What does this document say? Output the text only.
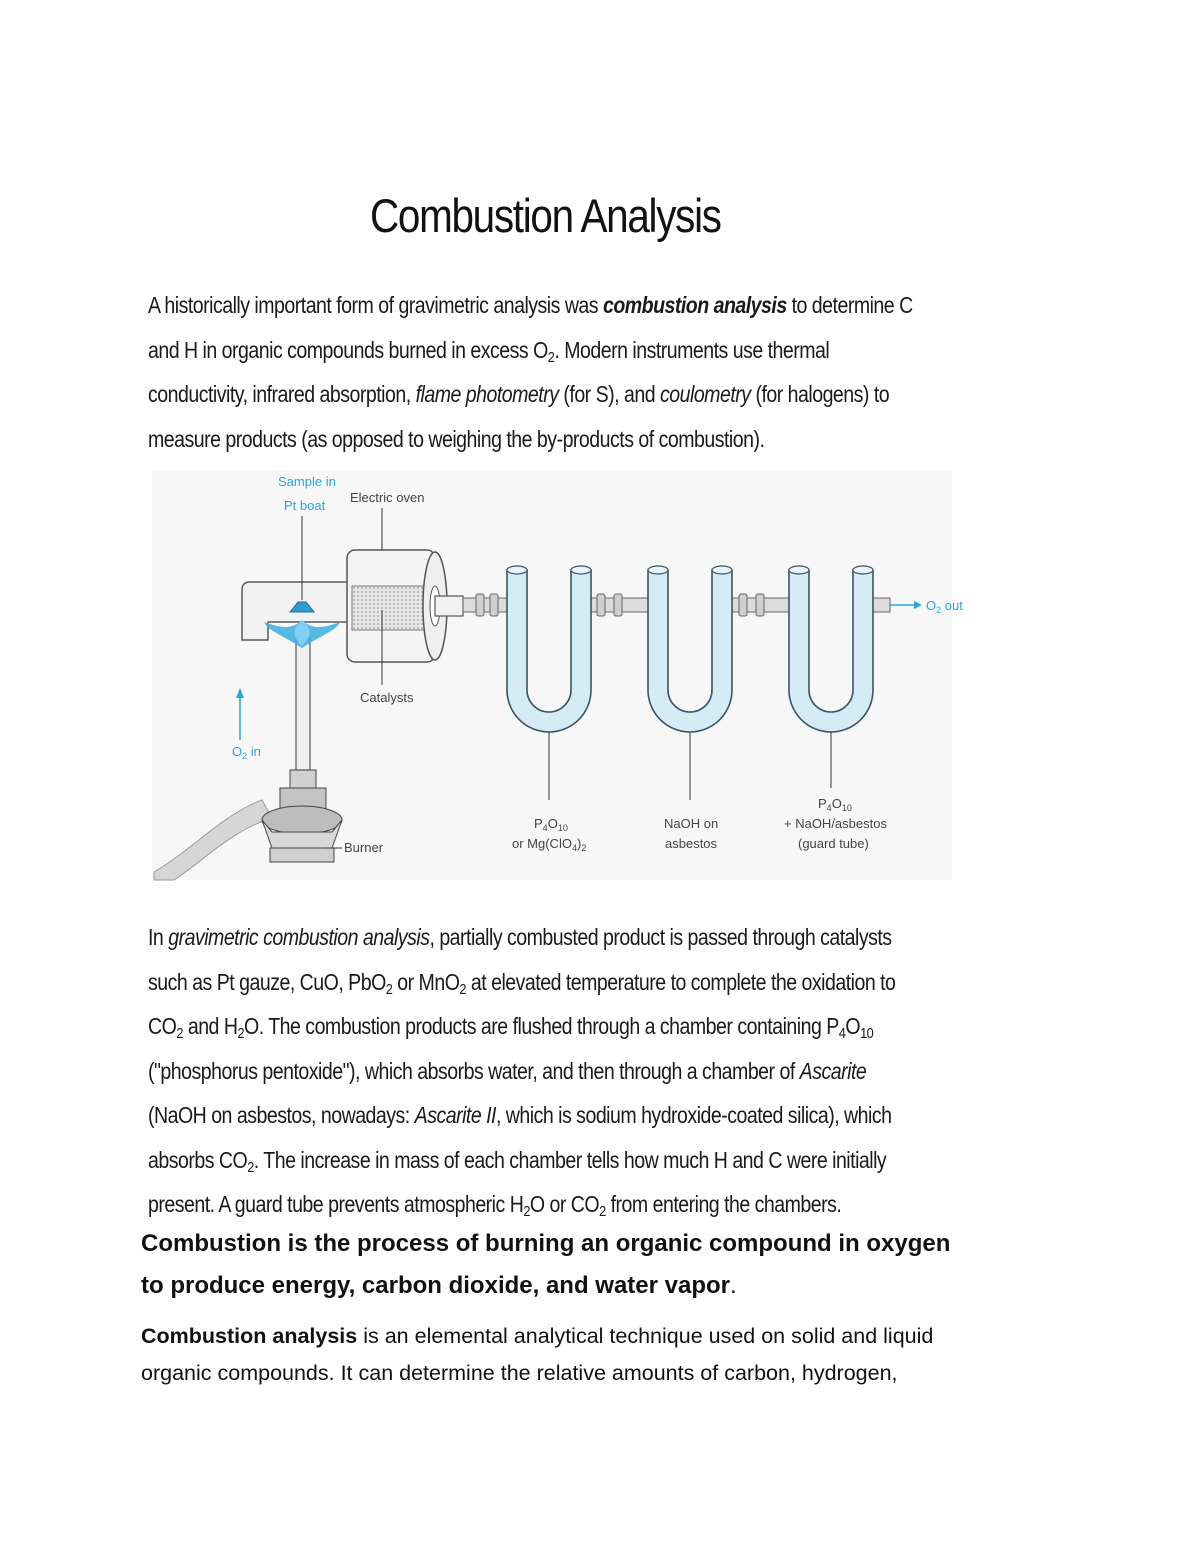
Combustion Analysis

A historically important form of gravimetric analysis was combustion analysis to determine C

and H in organic compounds burned in excess $O_2$. Modern instruments use thermal

conductivity, infrared absorption, flame photometry (for S), and coulometry (for halogens) to

measure products (as opposed to weighing the by-products of combustion).

Sample in
Pt boat
Electric oven
$O_2$ out
Catalysts
$O_2$ in
Burner
$P_4O_{10}$
or $Mg(ClO_4)_2$
NaOH on
asbestos
$P_4O_{10}$
+ NaOH/asbestos
(guard tube)

In gravimetric combustion analysis, partially combusted product is passed through catalysts

such as Pt gauze, CuO, PbO$_2$ or MnO$_2$ at elevated temperature to complete the oxidation to

$CO_2$ and $H_2O$. The combustion products are flushed through a chamber containing $P_4O_{10}$

("phosphorus pentoxide"), which absorbs water, and then through a chamber of Ascarite

(NaOH on asbestos, nowadays: Ascarite II, which is sodium hydroxide-coated silica), which

absorbs $CO_2$. The increase in mass of each chamber tells how much H and C were initially

present. A guard tube prevents atmospheric $H_2O$ or $CO_2$ from entering the chambers.

Combustion is the process of burning an organic compound in oxygen

to produce energy, carbon dioxide, and water vapor.

Combustion analysis is an elemental analytical technique used on solid and liquid

organic compounds. It can determine the relative amounts of carbon, hydrogen,
